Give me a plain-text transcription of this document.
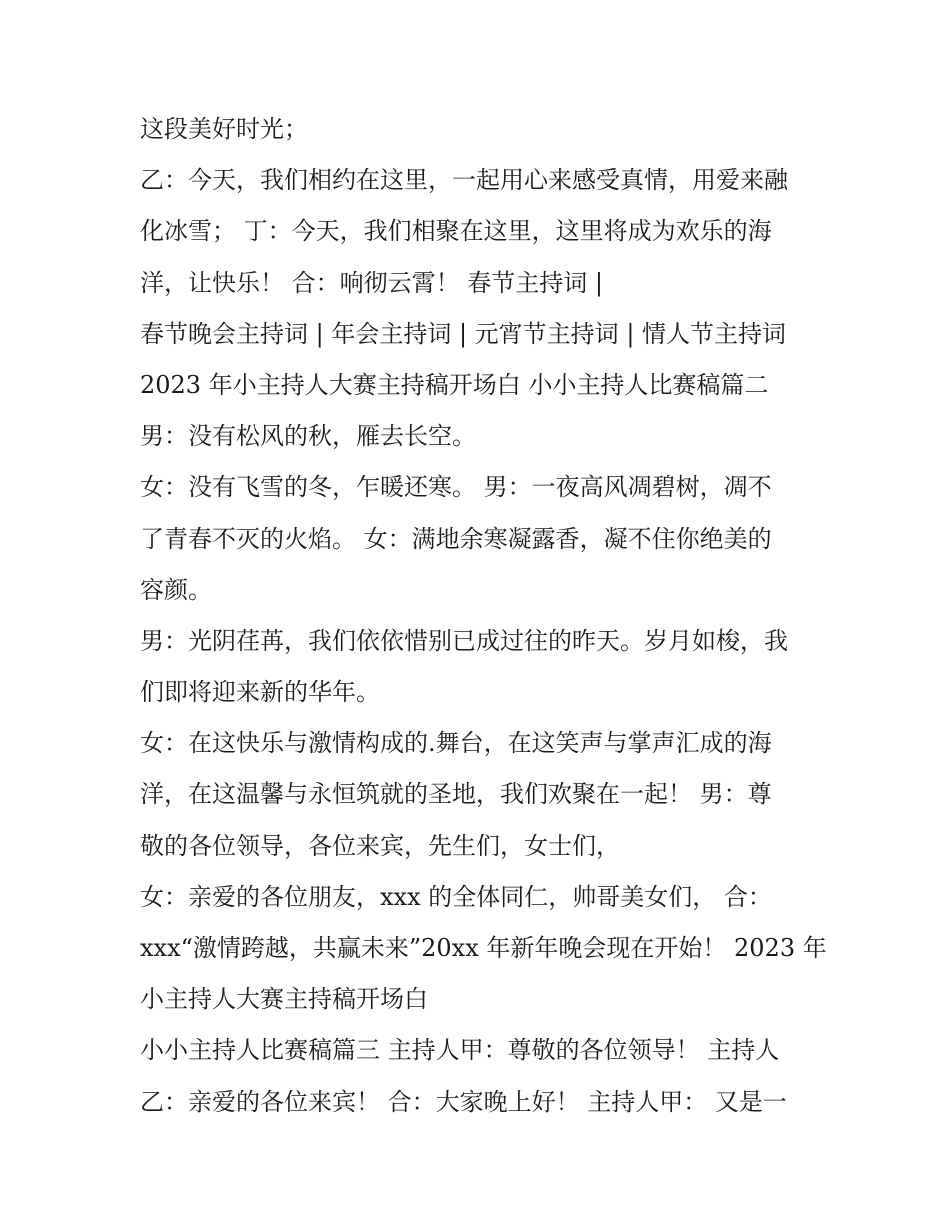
这段美好时光；
乙：今天，我们相约在这里，一起用心来感受真情，用爱来融
化冰雪； 丁：今天，我们相聚在这里，这里将成为欢乐的海
洋，让快乐！ 合：响彻云霄！ 春节主持词 |
春节晚会主持词 | 年会主持词 | 元宵节主持词 | 情人节主持词
2023 年小主持人大赛主持稿开场白 小小主持人比赛稿篇二
男：没有松风的秋，雁去长空。
女：没有飞雪的冬，乍暖还寒。 男：一夜高风凋碧树，凋不
了青春不灭的火焰。 女：满地余寒凝露香，凝不住你绝美的
容颜。
男：光阴荏苒，我们依依惜别已成过往的昨天。岁月如梭，我
们即将迎来新的华年。
女：在这快乐与激情构成的.舞台，在这笑声与掌声汇成的海
洋，在这温馨与永恒筑就的圣地，我们欢聚在一起！ 男：尊
敬的各位领导，各位来宾，先生们，女士们，
女：亲爱的各位朋友，xxx 的全体同仁，帅哥美女们， 合：
xxx“激情跨越，共赢未来”20xx 年新年晚会现在开始！ 2023 年
小主持人大赛主持稿开场白
小小主持人比赛稿篇三 主持人甲：尊敬的各位领导！ 主持人
乙：亲爱的各位来宾！ 合：大家晚上好！ 主持人甲： 又是一
